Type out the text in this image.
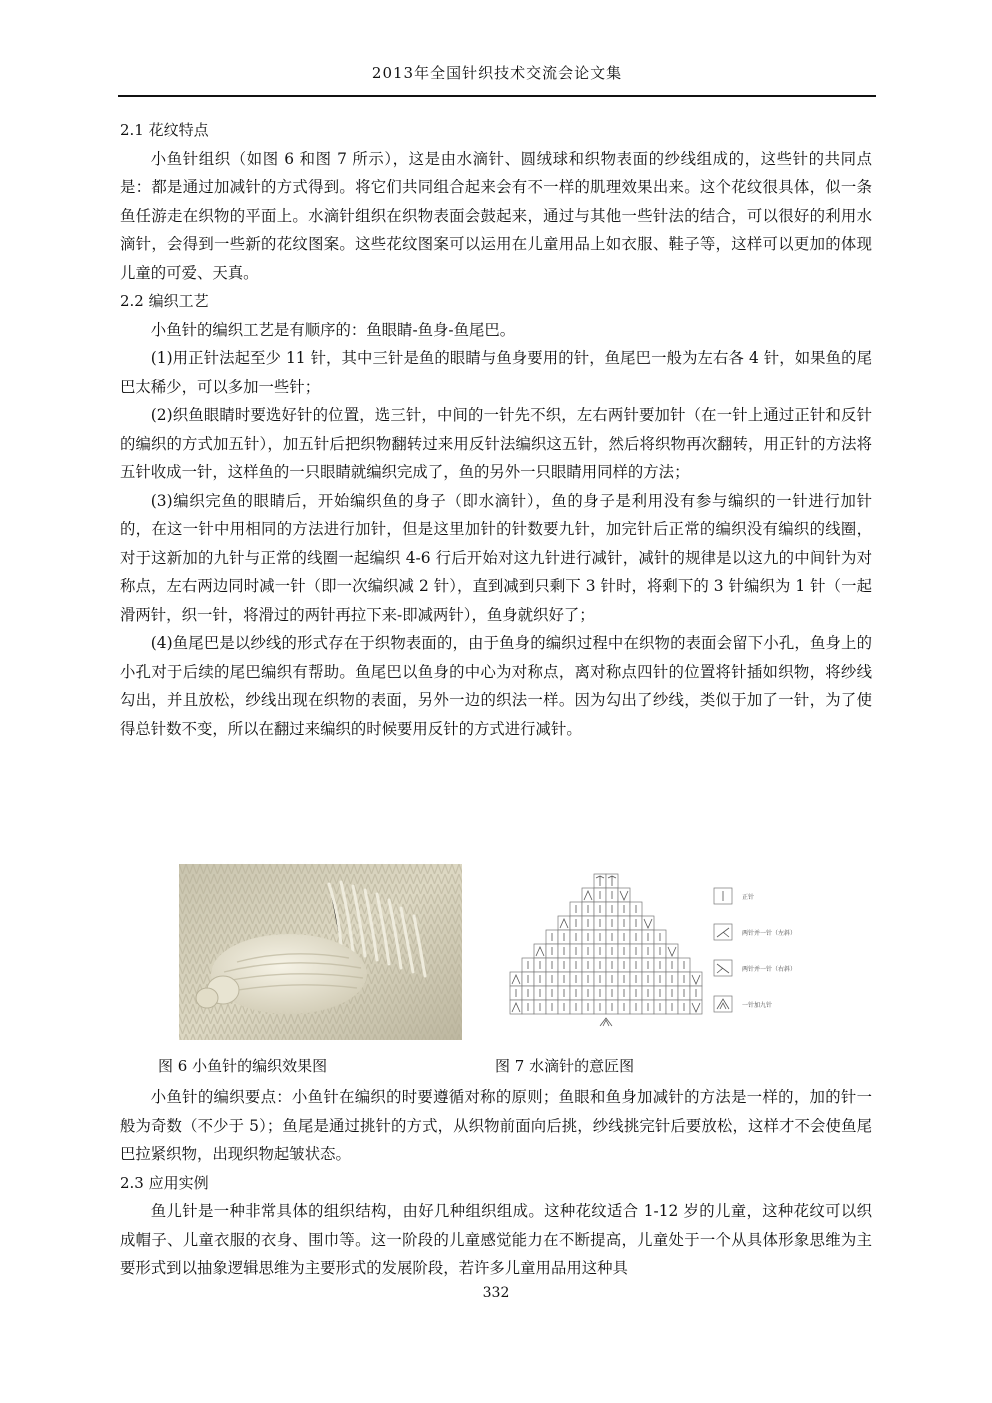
2013年全国针织技术交流会论文集
2.1 花纹特点

小鱼针组织（如图 6 和图 7 所示），这是由水滴针、圆绒球和织物表面的纱线组成的，这些针的共同点是：都是通过加减针的方式得到。将它们共同组合起来会有不一样的肌理效果出来。这个花纹很具体，似一条鱼任游走在织物的平面上。水滴针组织在织物表面会鼓起来，通过与其他一些针法的结合，可以很好的利用水滴针，会得到一些新的花纹图案。这些花纹图案可以运用在儿童用品上如衣服、鞋子等，这样可以更加的体现儿童的可爱、天真。

2.2 编织工艺

小鱼针的编织工艺是有顺序的：鱼眼睛-鱼身-鱼尾巴。

(1)用正针法起至少 11 针，其中三针是鱼的眼睛与鱼身要用的针，鱼尾巴一般为左右各 4 针，如果鱼的尾巴太稀少，可以多加一些针；

(2)织鱼眼睛时要选好针的位置，选三针，中间的一针先不织，左右两针要加针（在一针上通过正针和反针的编织的方式加五针），加五针后把织物翻转过来用反针法编织这五针，然后将织物再次翻转，用正针的方法将五针收成一针，这样鱼的一只眼睛就编织完成了，鱼的另外一只眼睛用同样的方法；

(3)编织完鱼的眼睛后，开始编织鱼的身子（即水滴针），鱼的身子是利用没有参与编织的一针进行加针的，在这一针中用相同的方法进行加针，但是这里加针的针数要九针，加完针后正常的编织没有编织的线圈，对于这新加的九针与正常的线圈一起编织 4-6 行后开始对这九针进行减针，减针的规律是以这九的中间针为对称点，左右两边同时减一针（即一次编织减 2 针），直到减到只剩下 3 针时，将剩下的 3 针编织为 1 针（一起滑两针，织一针，将滑过的两针再拉下来-即减两针），鱼身就织好了；

(4)鱼尾巴是以纱线的形式存在于织物表面的，由于鱼身的编织过程中在织物的表面会留下小孔，鱼身上的小孔对于后续的尾巴编织有帮助。鱼尾巴以鱼身的中心为对称点，离对称点四针的位置将针插如织物，将纱线勾出，并且放松，纱线出现在织物的表面，另外一边的织法一样。因为勾出了纱线，类似于加了一针，为了使得总针数不变，所以在翻过来编织的时候要用反针的方式进行减针。

正针
两针并一针（左斜）
两针并一针（右斜）
一针加九针
图 6 小鱼针的编织效果图	图 7 水滴针的意匠图

小鱼针的编织要点：小鱼针在编织的时要遵循对称的原则；鱼眼和鱼身加减针的方法是一样的，加的针一般为奇数（不少于 5）；鱼尾是通过挑针的方式，从织物前面向后挑，纱线挑完针后要放松，这样才不会使鱼尾巴拉紧织物，出现织物起皱状态。

2.3 应用实例

鱼儿针是一种非常具体的组织结构，由好几种组织组成。这种花纹适合 1-12 岁的儿童，这种花纹可以织成帽子、儿童衣服的衣身、围巾等。这一阶段的儿童感觉能力在不断提高，儿童处于一个从具体形象思维为主要形式到以抽象逻辑思维为主要形式的发展阶段，若许多儿童用品用这种具

332
